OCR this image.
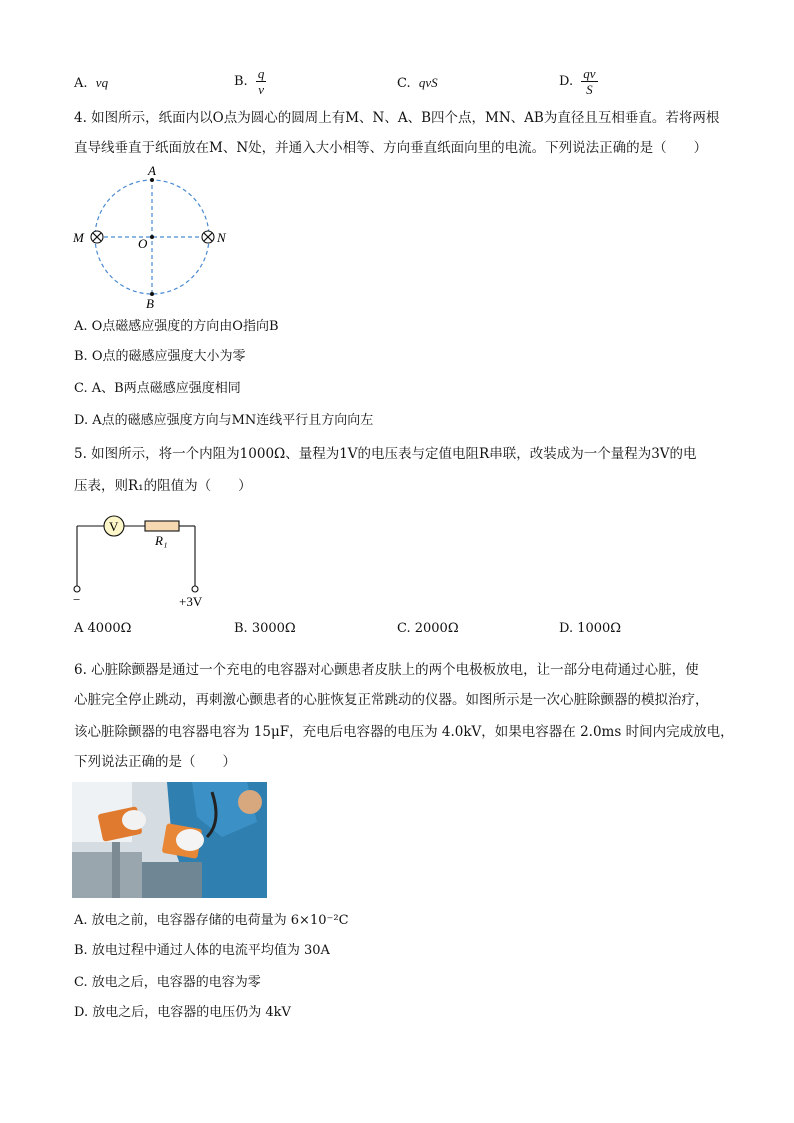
A. vq	B. $\frac{q}{v}$	C. qvS	D. $\frac{qv}{S}$
4. 如图所示，纸面内以O点为圆心的圆周上有M、N、A、B四个点，MN、AB为直径且互相垂直。若将两根
直导线垂直于纸面放在M、N处，并通入大小相等、方向垂直纸面向里的电流。下列说法正确的是（　　）
A
B
M	N
O
A. O点磁感应强度的方向由O指向B
B. O点的磁感应强度大小为零
C. A、B两点磁感应强度相同
D. A点的磁感应强度方向与MN连线平行且方向向左
5. 如图所示，将一个内阻为1000Ω、量程为1V的电压表与定值电阻R串联，改装成为一个量程为3V的电
压表，则R₁的阻值为（　　）
V
R₁
−	+3V
A 4000Ω	B. 3000Ω	C. 2000Ω	D. 1000Ω
6. 心脏除颤器是通过一个充电的电容器对心颤患者皮肤上的两个电极板放电，让一部分电荷通过心脏，使
心脏完全停止跳动，再刺激心颤患者的心脏恢复正常跳动的仪器。如图所示是一次心脏除颤器的模拟治疗，
该心脏除颤器的电容器电容为 15μF，充电后电容器的电压为 4.0kV，如果电容器在 2.0ms 时间内完成放电，
下列说法正确的是（　　）
A. 放电之前，电容器存储的电荷量为 6×10⁻²C
B. 放电过程中通过人体的电流平均值为 30A
C. 放电之后，电容器的电容为零
D. 放电之后，电容器的电压仍为 4kV
